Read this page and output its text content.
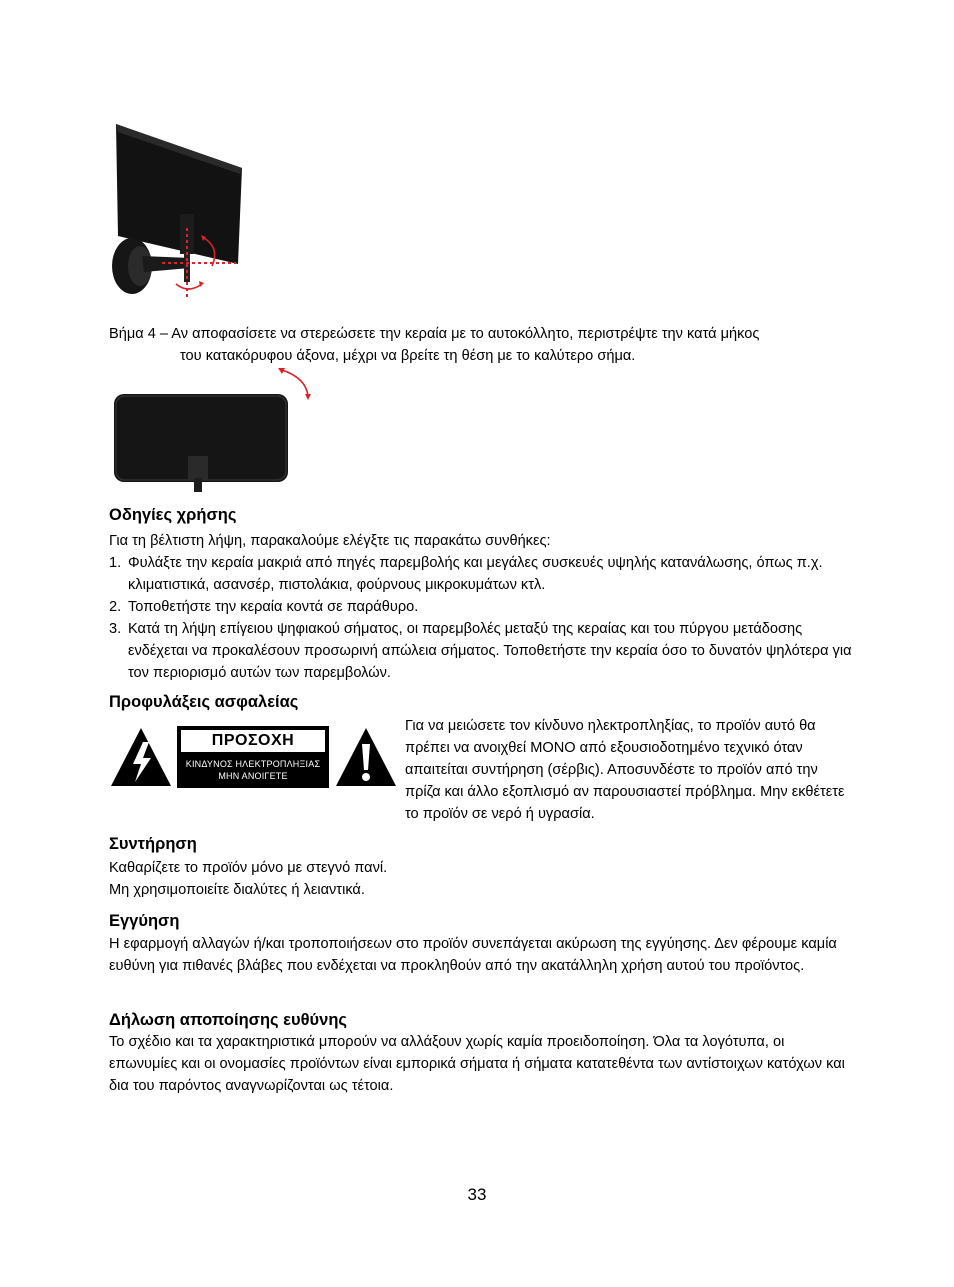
Βήμα 4 – Αν αποφασίσετε να στερεώσετε την κεραία με το αυτοκόλλητο, περιστρέψτε την κατά μήκος
του κατακόρυφου άξονα, μέχρι να βρείτε τη θέση με το καλύτερο σήμα.
Οδηγίες χρήσης
Για τη βέλτιστη λήψη, παρακαλούμε ελέγξτε τις παρακάτω συνθήκες:
1. Φυλάξτε την κεραία μακριά από πηγές παρεμβολής και μεγάλες συσκευές υψηλής κατανάλωσης, όπως π.χ. κλιματιστικά, ασανσέρ, πιστολάκια, φούρνους μικροκυμάτων κτλ.
2. Τοποθετήστε την κεραία κοντά σε παράθυρο.
3. Κατά τη λήψη επίγειου ψηφιακού σήματος, οι παρεμβολές μεταξύ της κεραίας και του πύργου μετάδοσης ενδέχεται να προκαλέσουν προσωρινή απώλεια σήματος. Τοποθετήστε την κεραία όσο το δυνατόν ψηλότερα για τον περιορισμό αυτών των παρεμβολών.
Προφυλάξεις ασφαλείας
ΠΡΟΣΟΧΗ
ΚΙΝΔΥΝΟΣ ΗΛΕΚΤΡΟΠΛΗΞΙΑΣ
ΜΗΝ ΑΝΟΙΓΕΤΕ
Για να μειώσετε τον κίνδυνο ηλεκτροπληξίας, το προϊόν αυτό θα πρέπει να ανοιχθεί ΜΟΝΟ από εξουσιοδοτημένο τεχνικό όταν απαιτείται συντήρηση (σέρβις). Αποσυνδέστε το προϊόν από την πρίζα και άλλο εξοπλισμό αν παρουσιαστεί πρόβλημα. Μην εκθέτετε το προϊόν σε νερό ή υγρασία.
Συντήρηση
Καθαρίζετε το προϊόν μόνο με στεγνό πανί.
Μη χρησιμοποιείτε διαλύτες ή λειαντικά.
Εγγύηση
Η εφαρμογή αλλαγών ή/και τροποποιήσεων στο προϊόν συνεπάγεται ακύρωση της εγγύησης. Δεν φέρουμε καμία ευθύνη για πιθανές βλάβες που ενδέχεται να προκληθούν από την ακατάλληλη χρήση αυτού του προϊόντος.
Δήλωση αποποίησης ευθύνης
Το σχέδιο και τα χαρακτηριστικά μπορούν να αλλάξουν χωρίς καμία προειδοποίηση. Όλα τα λογότυπα, οι επωνυμίες και οι ονομασίες προϊόντων είναι εμπορικά σήματα ή σήματα κατατεθέντα των αντίστοιχων κατόχων και δια του παρόντος αναγνωρίζονται ως τέτοια.
33
